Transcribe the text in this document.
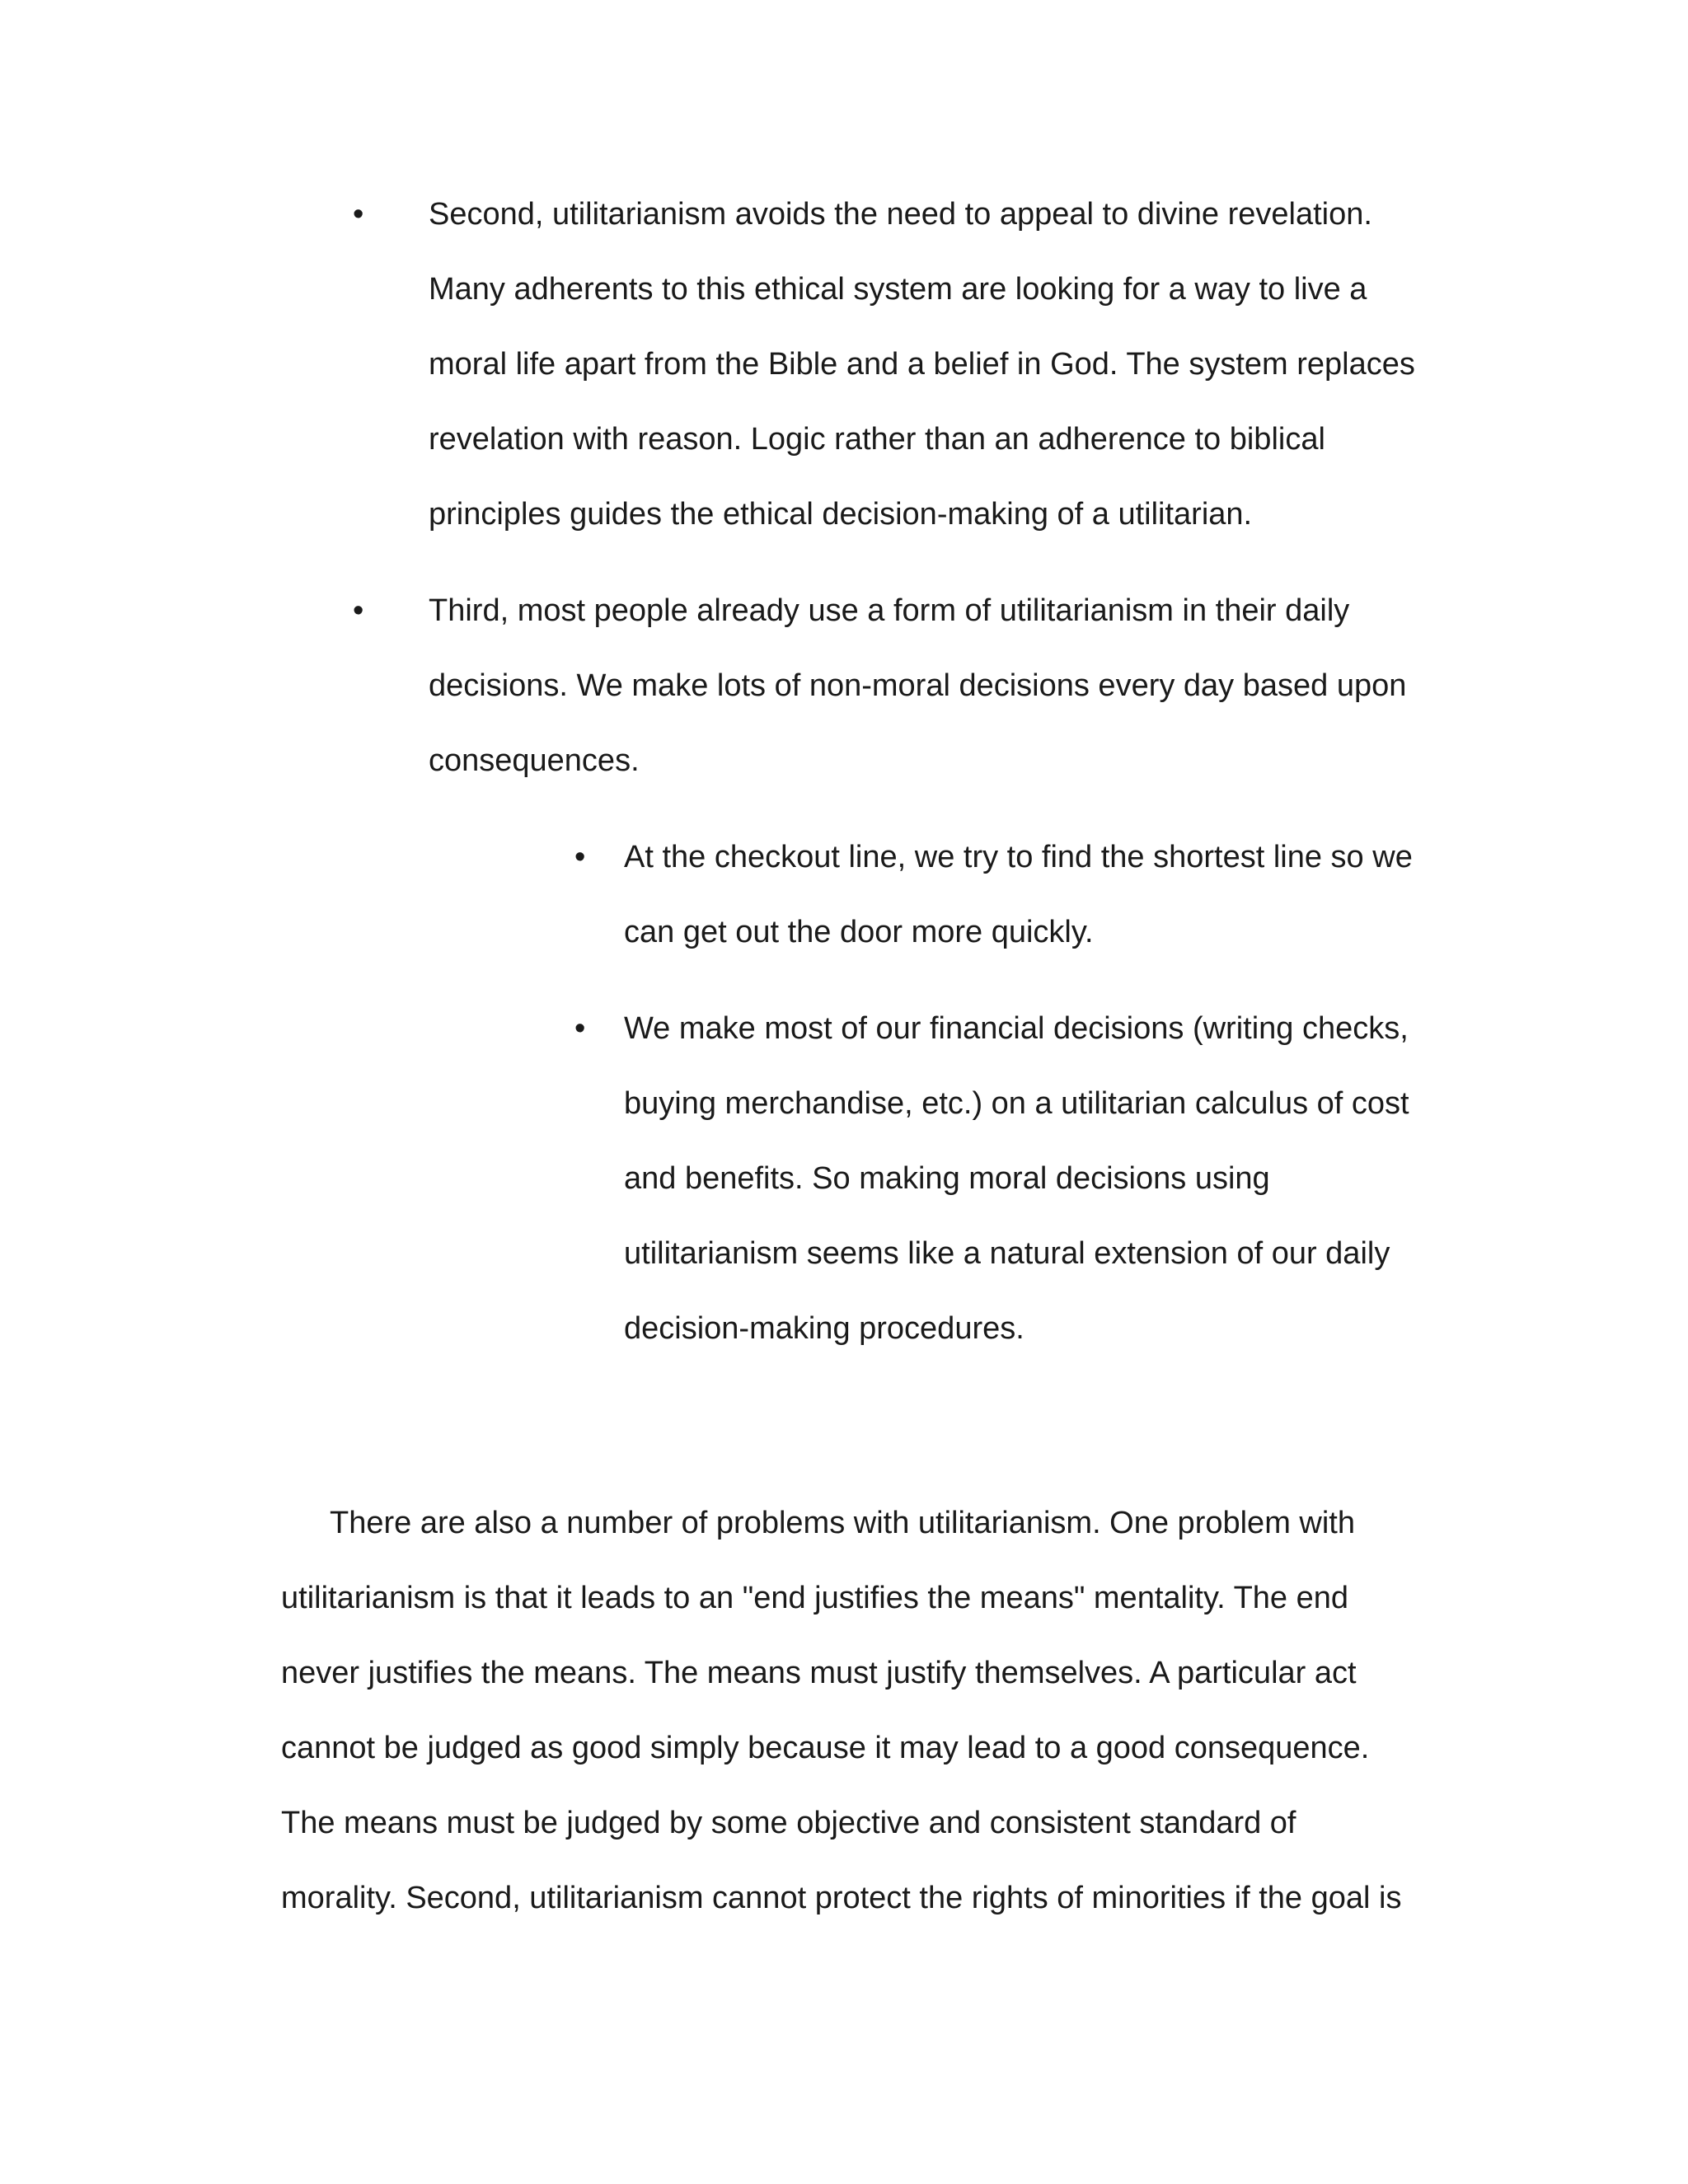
• Second, utilitarianism avoids the need to appeal to divine revelation.
Many adherents to this ethical system are looking for a way to live a
moral life apart from the Bible and a belief in God. The system replaces
revelation with reason. Logic rather than an adherence to biblical
principles guides the ethical decision-making of a utilitarian.
• Third, most people already use a form of utilitarianism in their daily
decisions. We make lots of non-moral decisions every day based upon
consequences.
• At the checkout line, we try to find the shortest line so we
can get out the door more quickly.
• We make most of our financial decisions (writing checks,
buying merchandise, etc.) on a utilitarian calculus of cost
and benefits. So making moral decisions using
utilitarianism seems like a natural extension of our daily
decision-making procedures.
There are also a number of problems with utilitarianism. One problem with
utilitarianism is that it leads to an "end justifies the means" mentality. The end
never justifies the means. The means must justify themselves. A particular act
cannot be judged as good simply because it may lead to a good consequence.
The means must be judged by some objective and consistent standard of
morality. Second, utilitarianism cannot protect the rights of minorities if the goal is
